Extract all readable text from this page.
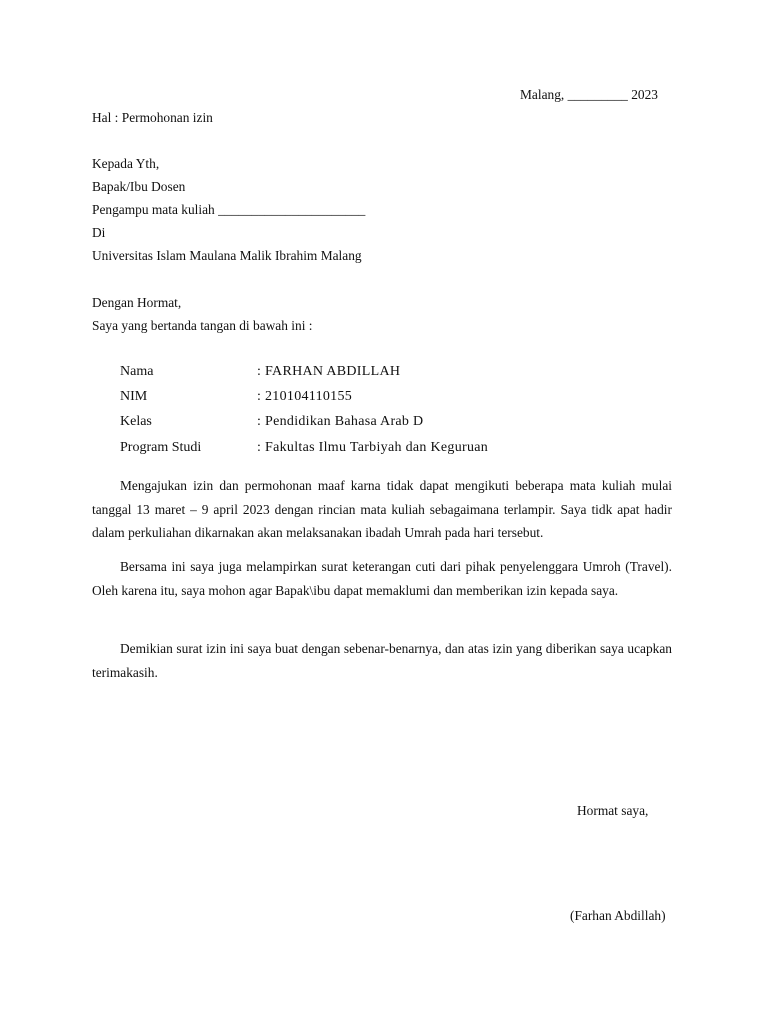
Malang, _________ 2023
Hal : Permohonan izin
Kepada Yth,
Bapak/Ibu Dosen
Pengampu mata kuliah ______________________
Di
Universitas Islam Maulana Malik Ibrahim Malang
Dengan Hormat,
Saya yang bertanda tangan di bawah ini :
Nama	: FARHAN ABDILLAH
NIM	: 210104110155
Kelas	: Pendidikan Bahasa Arab D
Program Studi	: Fakultas Ilmu Tarbiyah dan Keguruan

Mengajukan izin dan permohonan maaf karna tidak dapat mengikuti beberapa mata kuliah mulai tanggal 13 maret – 9 april 2023 dengan rincian mata kuliah sebagaimana terlampir. Saya tidk apat hadir dalam perkuliahan dikarnakan akan melaksanakan ibadah Umrah pada hari tersebut.

Bersama ini saya juga melampirkan surat keterangan cuti dari pihak penyelenggara Umroh (Travel). Oleh karena itu, saya mohon agar Bapak\ibu dapat memaklumi dan memberikan izin kepada saya.

Demikian surat izin ini saya buat dengan sebenar-benarnya, dan atas izin yang diberikan saya ucapkan terimakasih.

Hormat saya,
(Farhan Abdillah)
